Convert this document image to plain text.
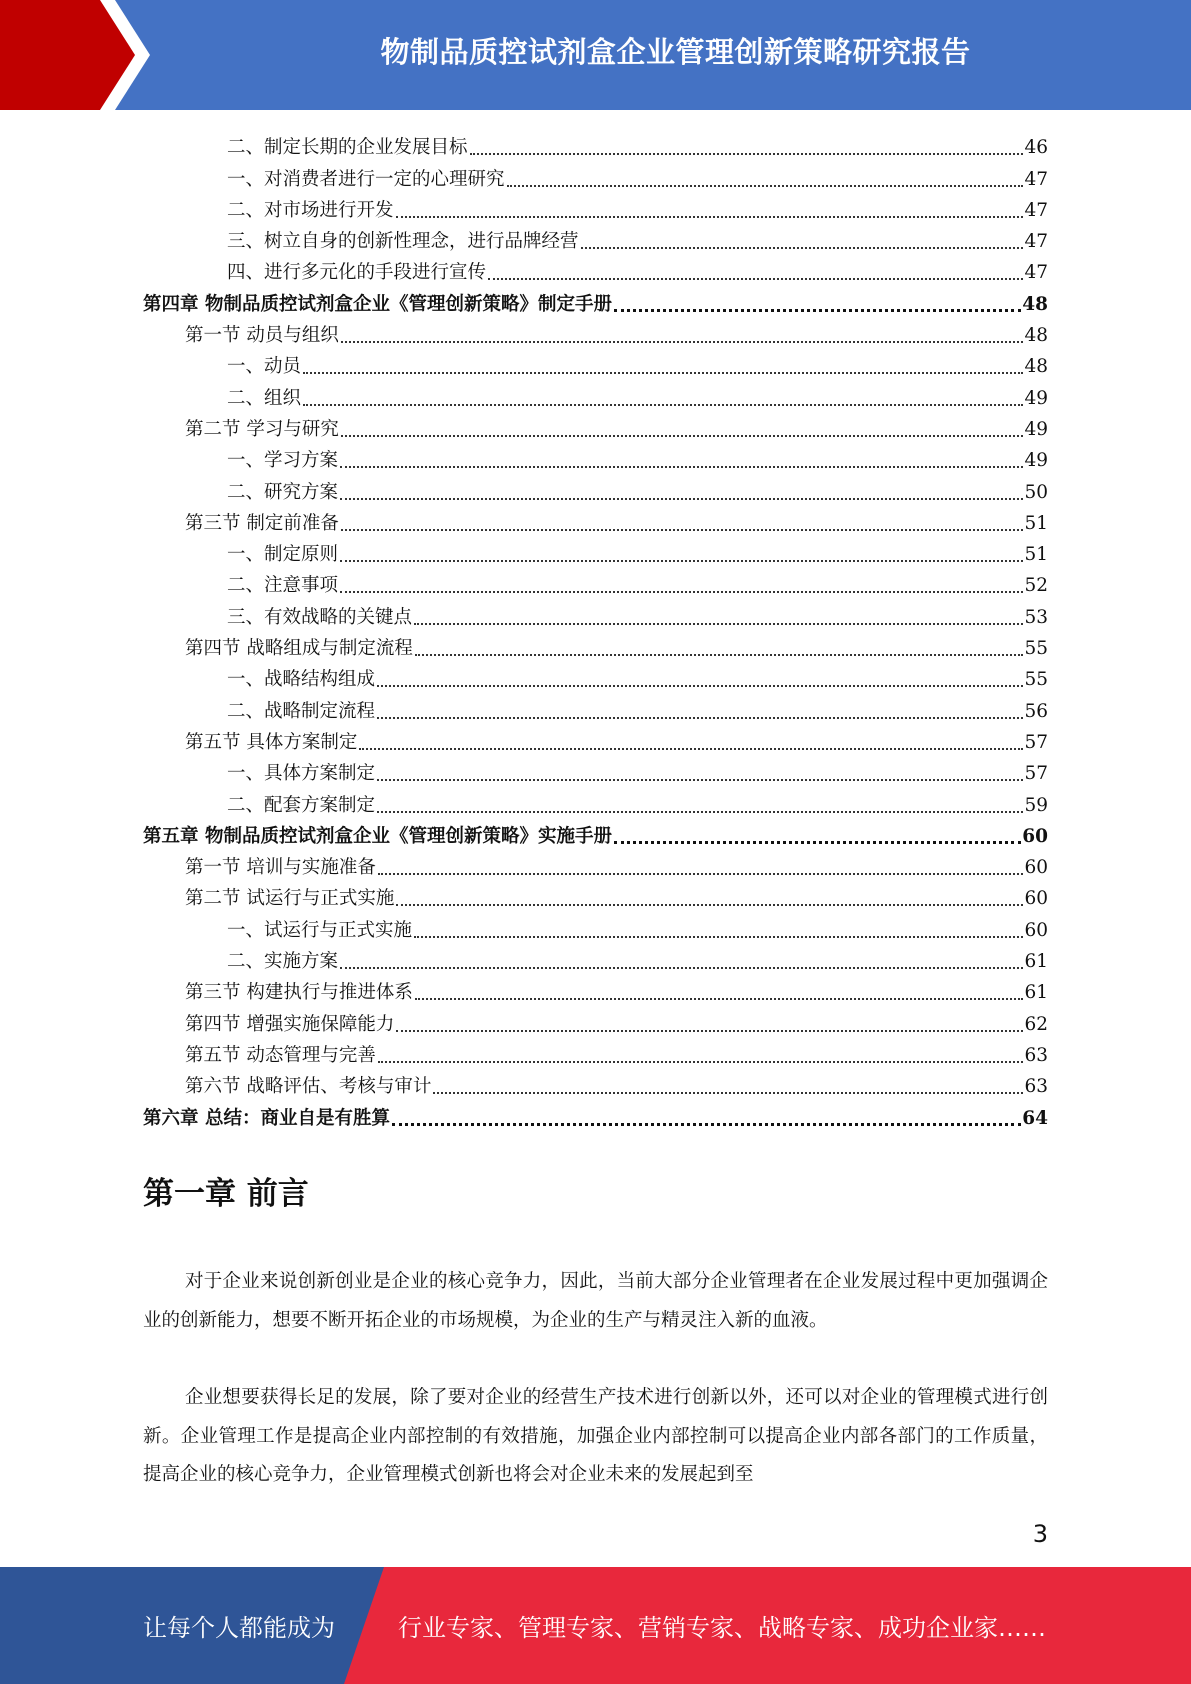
物制品质控试剂盒企业管理创新策略研究报告
二、制定长期的企业发展目标	46
一、对消费者进行一定的心理研究	47
二、对市场进行开发	47
三、树立自身的创新性理念，进行品牌经营	47
四、进行多元化的手段进行宣传	47
第四章 物制品质控试剂盒企业《管理创新策略》制定手册	48
第一节 动员与组织	48
一、动员	48
二、组织	49
第二节 学习与研究	49
一、学习方案	49
二、研究方案	50
第三节 制定前准备	51
一、制定原则	51
二、注意事项	52
三、有效战略的关键点	53
第四节 战略组成与制定流程	55
一、战略结构组成	55
二、战略制定流程	56
第五节 具体方案制定	57
一、具体方案制定	57
二、配套方案制定	59
第五章 物制品质控试剂盒企业《管理创新策略》实施手册	60
第一节 培训与实施准备	60
第二节 试运行与正式实施	60
一、试运行与正式实施	60
二、实施方案	61
第三节 构建执行与推进体系	61
第四节 增强实施保障能力	62
第五节 动态管理与完善	63
第六节 战略评估、考核与审计	63
第六章 总结：商业自是有胜算	64
第一章 前言

对于企业来说创新创业是企业的核心竞争力，因此，当前大部分企业管理者在企业发展过程中更加强调企业的创新能力，想要不断开拓企业的市场规模，为企业的生产与精灵注入新的血液。

企业想要获得长足的发展，除了要对企业的经营生产技术进行创新以外，还可以对企业的管理模式进行创新。企业管理工作是提高企业内部控制的有效措施，加强企业内部控制可以提高企业内部各部门的工作质量，提高企业的核心竞争力，企业管理模式创新也将会对企业未来的发展起到至

3
让每个人都能成为	行业专家、管理专家、营销专家、战略专家、成功企业家……
